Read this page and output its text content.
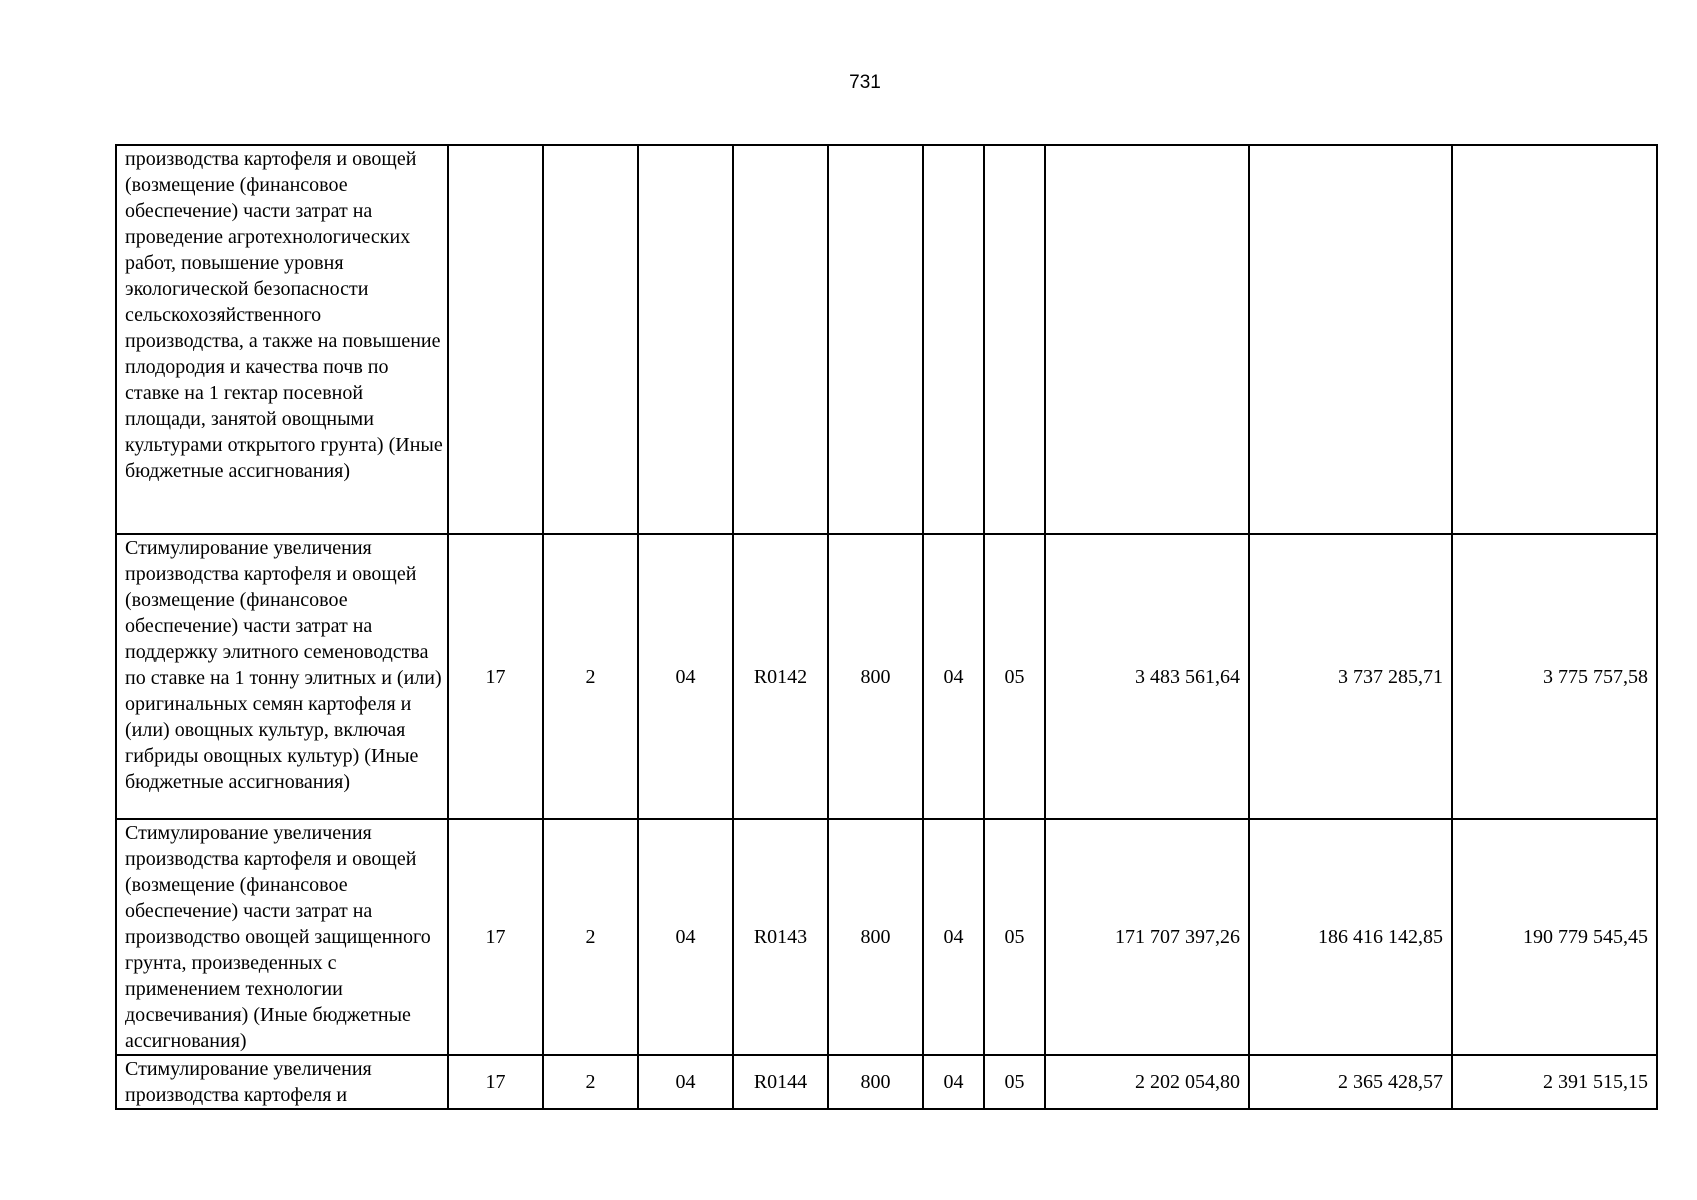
731
производства картофеля и овощей (возмещение (финансовое обеспечение) части затрат на проведение агротехнологических работ, повышение уровня экологической безопасности сельскохозяйственного производства, а также на повышение плодородия и качества почв по ставке на 1 гектар посевной площади, занятой овощными культурами открытого грунта) (Иные бюджетные ассигнования)										
Стимулирование увеличения производства картофеля и овощей (возмещение (финансовое обеспечение) части затрат на поддержку элитного семеноводства по ставке на 1 тонну элитных и (или) оригинальных семян картофеля и (или) овощных культур, включая гибриды овощных культур) (Иные бюджетные ассигнования)	17	2	04	R0142	800	04	05	3 483 561,64	3 737 285,71	3 775 757,58
Стимулирование увеличения производства картофеля и овощей (возмещение (финансовое обеспечение) части затрат на производство овощей защищенного грунта, произведенных с применением технологии досвечивания) (Иные бюджетные ассигнования)	17	2	04	R0143	800	04	05	171 707 397,26	186 416 142,85	190 779 545,45
Стимулирование увеличения производства картофеля и	17	2	04	R0144	800	04	05	2 202 054,80	2 365 428,57	2 391 515,15
